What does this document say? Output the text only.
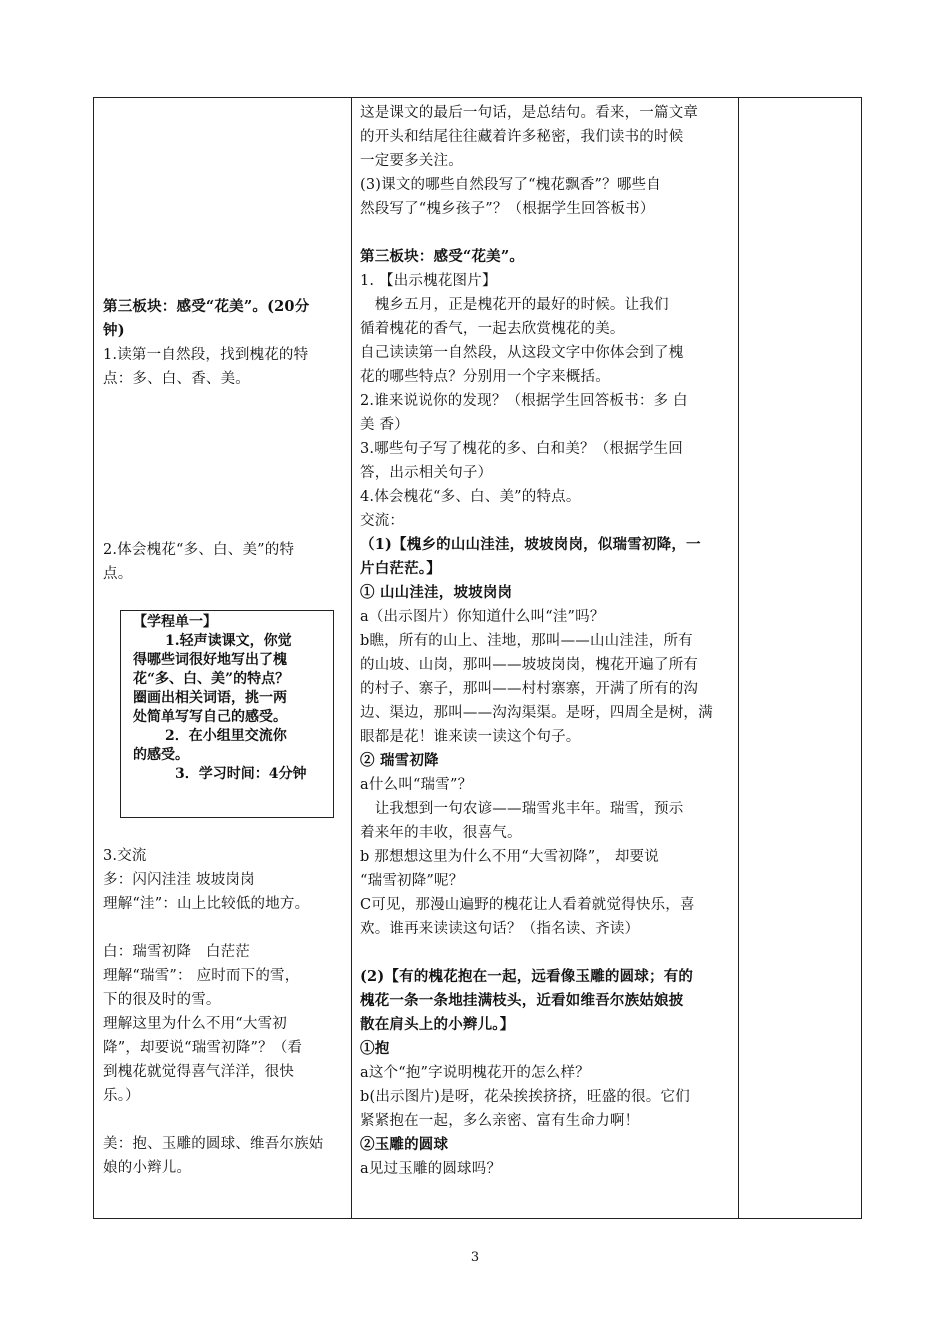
第三板块：感受“花美”。(20分
钟)
1.读第一自然段，找到槐花的特
点：多、白、香、美。
2.体会槐花“多、白、美”的特
点。
【学程单一】
1.轻声读课文，你觉
得哪些词很好地写出了槐
花“多、白、美”的特点？
圈画出相关词语，挑一两
处简单写写自己的感受。
2．在小组里交流你
的感受。
3．学习时间：4分钟
3.交流
多：闪闪洼洼 坡坡岗岗
理解“洼”：山上比较低的地方。
白：瑞雪初降　白茫茫
理解“瑞雪”： 应时而下的雪，
下的很及时的雪。
理解这里为什么不用“大雪初
降”，却要说“瑞雪初降”？（看
到槐花就觉得喜气洋洋，很快
乐。）
美：抱、玉雕的圆球、维吾尔族姑
娘的小辫儿。
这是课文的最后一句话，是总结句。看来，一篇文章
的开头和结尾往往藏着许多秘密，我们读书的时候
一定要多关注。
(3)课文的哪些自然段写了“槐花飘香”？哪些自
然段写了“槐乡孩子”？（根据学生回答板书）
第三板块：感受“花美”。
1. 【出示槐花图片】
　槐乡五月，正是槐花开的最好的时候。让我们
循着槐花的香气，一起去欣赏槐花的美。
自己读读第一自然段，从这段文字中你体会到了槐
花的哪些特点？分别用一个字来概括。
2.谁来说说你的发现？（根据学生回答板书：多 白
美 香）
3.哪些句子写了槐花的多、白和美？（根据学生回
答，出示相关句子）
4.体会槐花“多、白、美”的特点。
交流：
（1)【槐乡的山山洼洼，坡坡岗岗，似瑞雪初降，一
片白茫茫。】
① 山山洼洼，坡坡岗岗
a（出示图片）你知道什么叫“洼”吗？
b瞧，所有的山上、洼地，那叫——山山洼洼，所有
的山坡、山岗，那叫——坡坡岗岗，槐花开遍了所有
的村子、寨子，那叫——村村寨寨，开满了所有的沟
边、渠边，那叫——沟沟渠渠。是呀，四周全是树，满
眼都是花！谁来读一读这个句子。
② 瑞雪初降
a什么叫“瑞雪”？
　让我想到一句农谚——瑞雪兆丰年。瑞雪，预示
着来年的丰收，很喜气。
b 那想想这里为什么不用“大雪初降”， 却要说
“瑞雪初降”呢？
C可见，那漫山遍野的槐花让人看着就觉得快乐，喜
欢。谁再来读读这句话？（指名读、齐读）
(2)【有的槐花抱在一起，远看像玉雕的圆球；有的
槐花一条一条地挂满枝头，近看如维吾尔族姑娘披
散在肩头上的小辫儿。】
①抱
a这个“抱”字说明槐花开的怎么样？
b(出示图片)是呀，花朵挨挨挤挤，旺盛的很。它们
紧紧抱在一起，多么亲密、富有生命力啊！
②玉雕的圆球
a见过玉雕的圆球吗？
3
